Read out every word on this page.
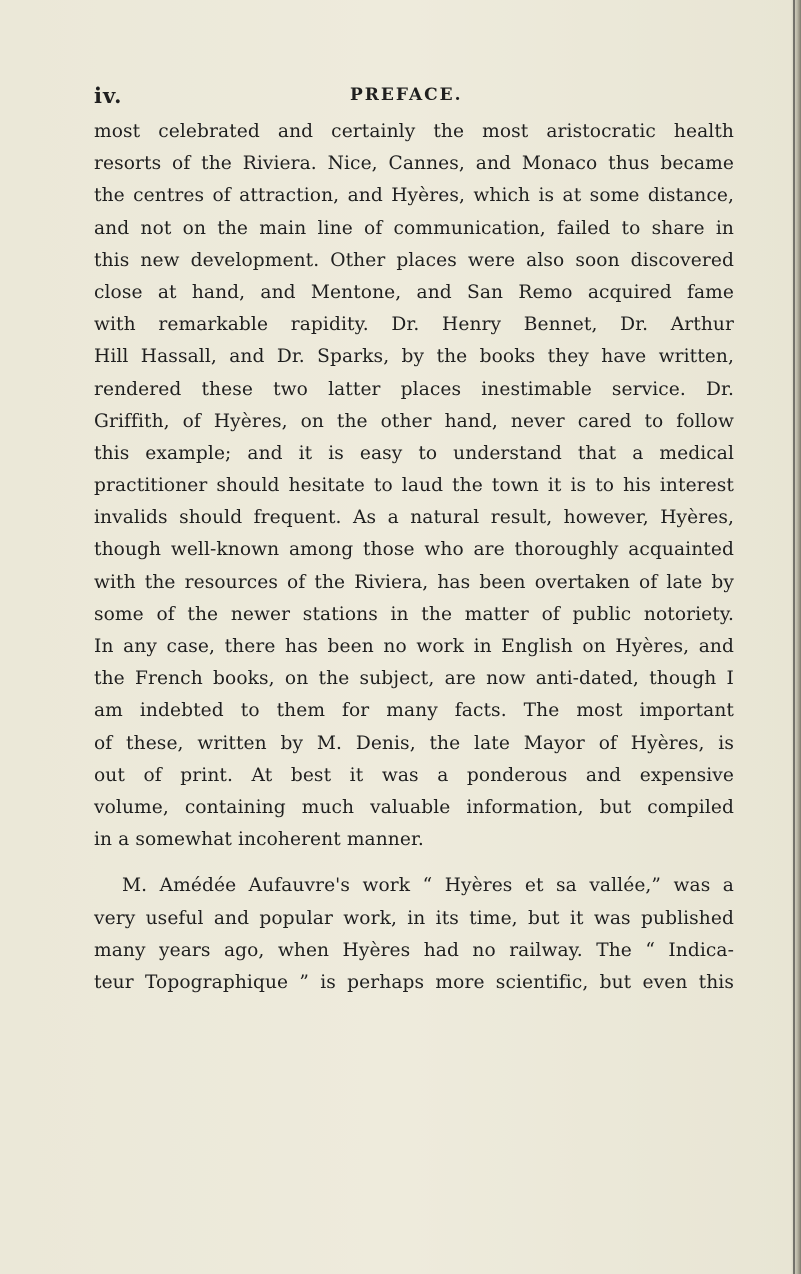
iv.	PREFACE.
most celebrated and certainly the most aristocratic health
resorts of the Riviera. Nice, Cannes, and Monaco thus became
the centres of attraction, and Hyères, which is at some distance,
and not on the main line of communication, failed to share in
this new development. Other places were also soon discovered
close at hand, and Mentone, and San Remo acquired fame
with remarkable rapidity. Dr. Henry Bennet, Dr. Arthur
Hill Hassall, and Dr. Sparks, by the books they have written,
rendered these two latter places inestimable service. Dr.
Griffith, of Hyères, on the other hand, never cared to follow
this example; and it is easy to understand that a medical
practitioner should hesitate to laud the town it is to his interest
invalids should frequent. As a natural result, however, Hyères,
though well-known among those who are thoroughly acquainted
with the resources of the Riviera, has been overtaken of late by
some of the newer stations in the matter of public notoriety.
In any case, there has been no work in English on Hyères, and
the French books, on the subject, are now anti-dated, though I
am indebted to them for many facts. The most important
of these, written by M. Denis, the late Mayor of Hyères, is
out of print. At best it was a ponderous and expensive
volume, containing much valuable information, but compiled
in a somewhat incoherent manner.
M. Amédée Aufauvre's work “ Hyères et sa vallée,” was a
very useful and popular work, in its time, but it was published
many years ago, when Hyères had no railway. The “ Indica-
teur Topographique ” is perhaps more scientific, but even this
